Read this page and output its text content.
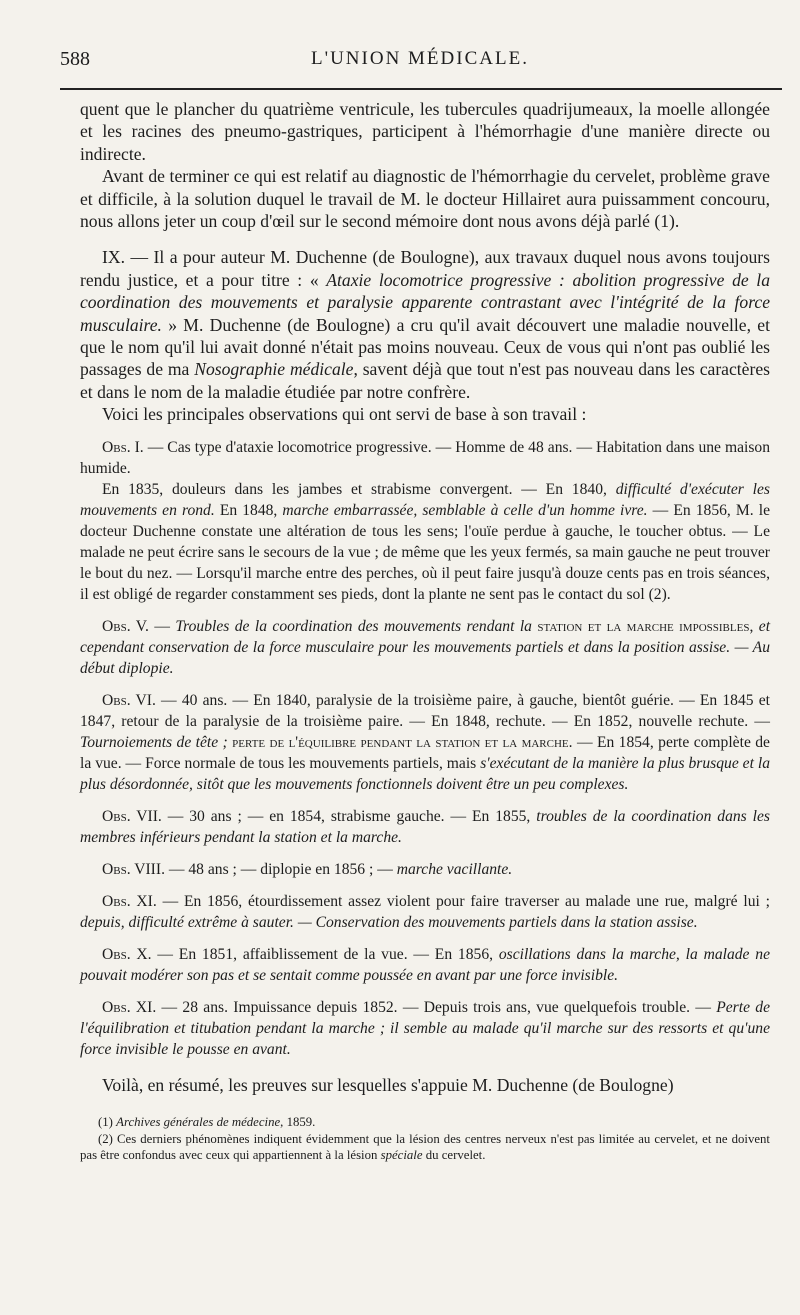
588	L'UNION MÉDICALE.

quent que le plancher du quatrième ventricule, les tubercules quadrijumeaux, la moelle allongée et les racines des pneumo-gastriques, participent à l'hémorrhagie d'une manière directe ou indirecte.

Avant de terminer ce qui est relatif au diagnostic de l'hémorrhagie du cervelet, problème grave et difficile, à la solution duquel le travail de M. le docteur Hillairet aura puissamment concouru, nous allons jeter un coup d'œil sur le second mémoire dont nous avons déjà parlé (1).

IX. — Il a pour auteur M. Duchenne (de Boulogne), aux travaux duquel nous avons toujours rendu justice, et a pour titre : « Ataxie locomotrice progressive : abolition progressive de la coordination des mouvements et paralysie apparente contrastant avec l'intégrité de la force musculaire. » M. Duchenne (de Boulogne) a cru qu'il avait découvert une maladie nouvelle, et que le nom qu'il lui avait donné n'était pas moins nouveau. Ceux de vous qui n'ont pas oublié les passages de ma Nosographie médicale, savent déjà que tout n'est pas nouveau dans les caractères et dans le nom de la maladie étudiée par notre confrère.

Voici les principales observations qui ont servi de base à son travail :

Obs. I. — Cas type d'ataxie locomotrice progressive. — Homme de 48 ans. — Habitation dans une maison humide.

En 1835, douleurs dans les jambes et strabisme convergent. — En 1840, difficulté d'exécuter les mouvements en rond. En 1848, marche embarrassée, semblable à celle d'un homme ivre. — En 1856, M. le docteur Duchenne constate une altération de tous les sens; l'ouïe perdue à gauche, le toucher obtus. — Le malade ne peut écrire sans le secours de la vue ; de même que les yeux fermés, sa main gauche ne peut trouver le bout du nez. — Lorsqu'il marche entre des perches, où il peut faire jusqu'à douze cents pas en trois séances, il est obligé de regarder constamment ses pieds, dont la plante ne sent pas le contact du sol (2).

Obs. V. — Troubles de la coordination des mouvements rendant la station et la marche impossibles, et cependant conservation de la force musculaire pour les mouvements partiels et dans la position assise. — Au début diplopie.

Obs. VI. — 40 ans. — En 1840, paralysie de la troisième paire, à gauche, bientôt guérie. — En 1845 et 1847, retour de la paralysie de la troisième paire. — En 1848, rechute. — En 1852, nouvelle rechute. — Tournoiements de tête ; perte de l'équilibre pendant la station et la marche. — En 1854, perte complète de la vue. — Force normale de tous les mouvements partiels, mais s'exécutant de la manière la plus brusque et la plus désordonnée, sitôt que les mouvements fonctionnels doivent être un peu complexes.

Obs. VII. — 30 ans ; — en 1854, strabisme gauche. — En 1855, troubles de la coordination dans les membres inférieurs pendant la station et la marche.

Obs. VIII. — 48 ans ; — diplopie en 1856 ; — marche vacillante.

Obs. XI. — En 1856, étourdissement assez violent pour faire traverser au malade une rue, malgré lui ; depuis, difficulté extrême à sauter. — Conservation des mouvements partiels dans la station assise.

Obs. X. — En 1851, affaiblissement de la vue. — En 1856, oscillations dans la marche, la malade ne pouvait modérer son pas et se sentait comme poussée en avant par une force invisible.

Obs. XI. — 28 ans. Impuissance depuis 1852. — Depuis trois ans, vue quelquefois trouble. — Perte de l'équilibration et titubation pendant la marche ; il semble au malade qu'il marche sur des ressorts et qu'une force invisible le pousse en avant.

Voilà, en résumé, les preuves sur lesquelles s'appuie M. Duchenne (de Boulogne)

(1) Archives générales de médecine, 1859.

(2) Ces derniers phénomènes indiquent évidemment que la lésion des centres nerveux n'est pas limitée au cervelet, et ne doivent pas être confondus avec ceux qui appartiennent à la lésion spéciale du cervelet.
